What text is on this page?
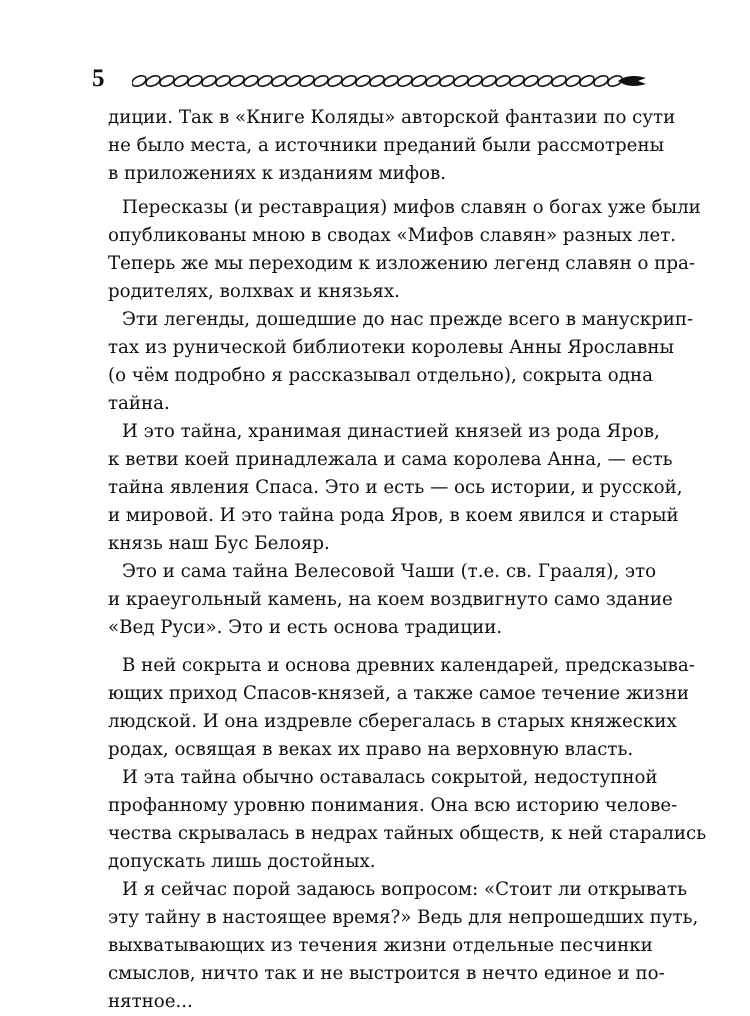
5
диции. Так в «Книге Коляды» авторской фантазии по сути
не было места, а источники преданий были рассмотрены
в приложениях к изданиям мифов.
Пересказы (и реставрация) мифов славян о богах уже были
опубликованы мною в сводах «Мифов славян» разных лет.
Теперь же мы переходим к изложению легенд славян о пра-
родителях, волхвах и князьях.
Эти легенды, дошедшие до нас прежде всего в манускрип-
тах из рунической библиотеки королевы Анны Ярославны
(о чём подробно я рассказывал отдельно), сокрыта одна
тайна.
И это тайна, хранимая династией князей из рода Яров,
к ветви коей принадлежала и сама королева Анна, — есть
тайна явления Спаса. Это и есть — ось истории, и русской,
и мировой. И это тайна рода Яров, в коем явился и старый
князь наш Бус Белояр.
Это и сама тайна Велесовой Чаши (т.е. св. Грааля), это
и краеугольный камень, на коем воздвигнуто само здание
«Вед Руси». Это и есть основа традиции.
В ней сокрыта и основа древних календарей, предсказыва-
ющих приход Спасов-князей, а также самое течение жизни
людской. И она издревле сберегалась в старых княжеских
родах, освящая в веках их право на верховную власть.
И эта тайна обычно оставалась сокрытой, недоступной
профанному уровню понимания. Она всю историю челове-
чества скрывалась в недрах тайных обществ, к ней старались
допускать лишь достойных.
И я сейчас порой задаюсь вопросом: «Стоит ли открывать
эту тайну в настоящее время?» Ведь для непрошедших путь,
выхватывающих из течения жизни отдельные песчинки
смыслов, ничто так и не выстроится в нечто единое и по-
нятное...
